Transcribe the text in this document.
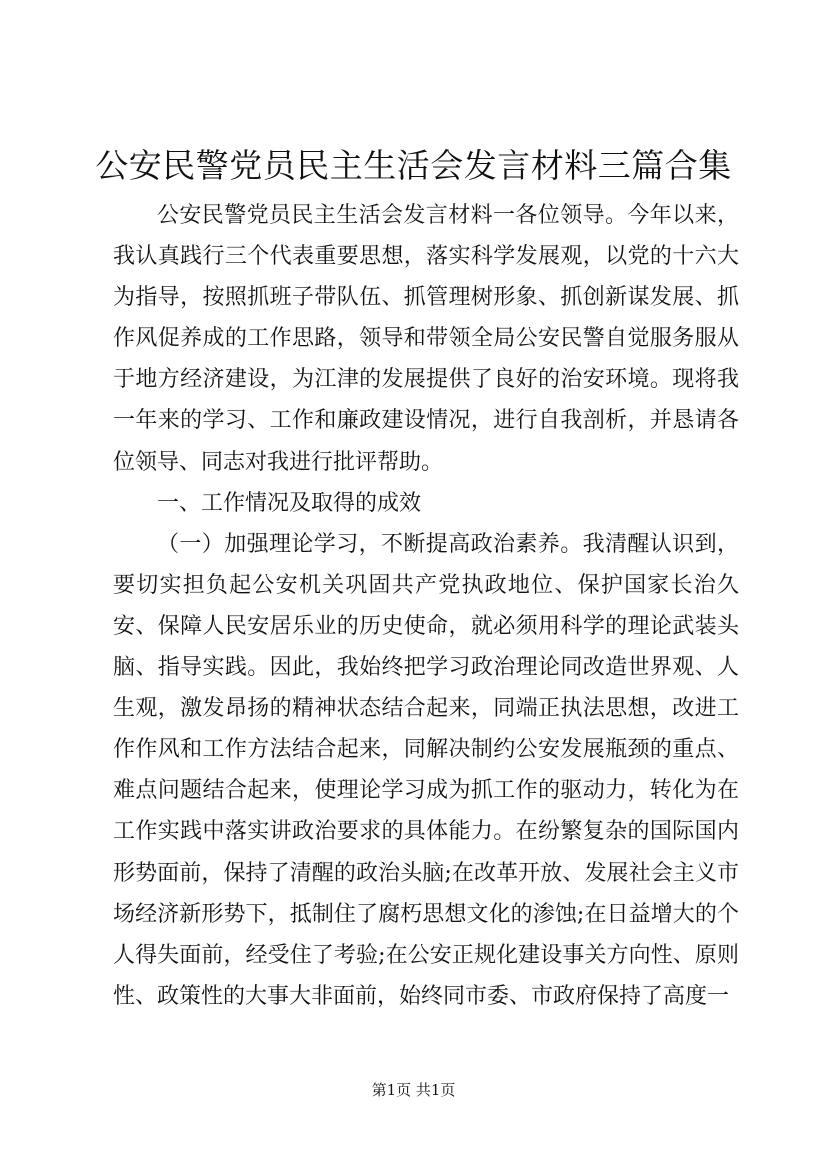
公安民警党员民主生活会发言材料三篇合集

公安民警党员民主生活会发言材料一各位领导。今年以来，我认真践行三个代表重要思想，落实科学发展观，以党的十六大为指导，按照抓班子带队伍、抓管理树形象、抓创新谋发展、抓作风促养成的工作思路，领导和带领全局公安民警自觉服务服从于地方经济建设，为江津的发展提供了良好的治安环境。现将我一年来的学习、工作和廉政建设情况，进行自我剖析，并恳请各位领导、同志对我进行批评帮助。

一、工作情况及取得的成效

（一）加强理论学习，不断提高政治素养。我清醒认识到，要切实担负起公安机关巩固共产党执政地位、保护国家长治久安、保障人民安居乐业的历史使命，就必须用科学的理论武装头脑、指导实践。因此，我始终把学习政治理论同改造世界观、人生观，激发昂扬的精神状态结合起来，同端正执法思想，改进工作作风和工作方法结合起来，同解决制约公安发展瓶颈的重点、难点问题结合起来，使理论学习成为抓工作的驱动力，转化为在工作实践中落实讲政治要求的具体能力。在纷繁复杂的国际国内形势面前，保持了清醒的政治头脑;在改革开放、发展社会主义市场经济新形势下，抵制住了腐朽思想文化的渗蚀;在日益增大的个人得失面前，经受住了考验;在公安正规化建设事关方向性、原则性、政策性的大事大非面前，始终同市委、市政府保持了高度一

第1页 共1页
